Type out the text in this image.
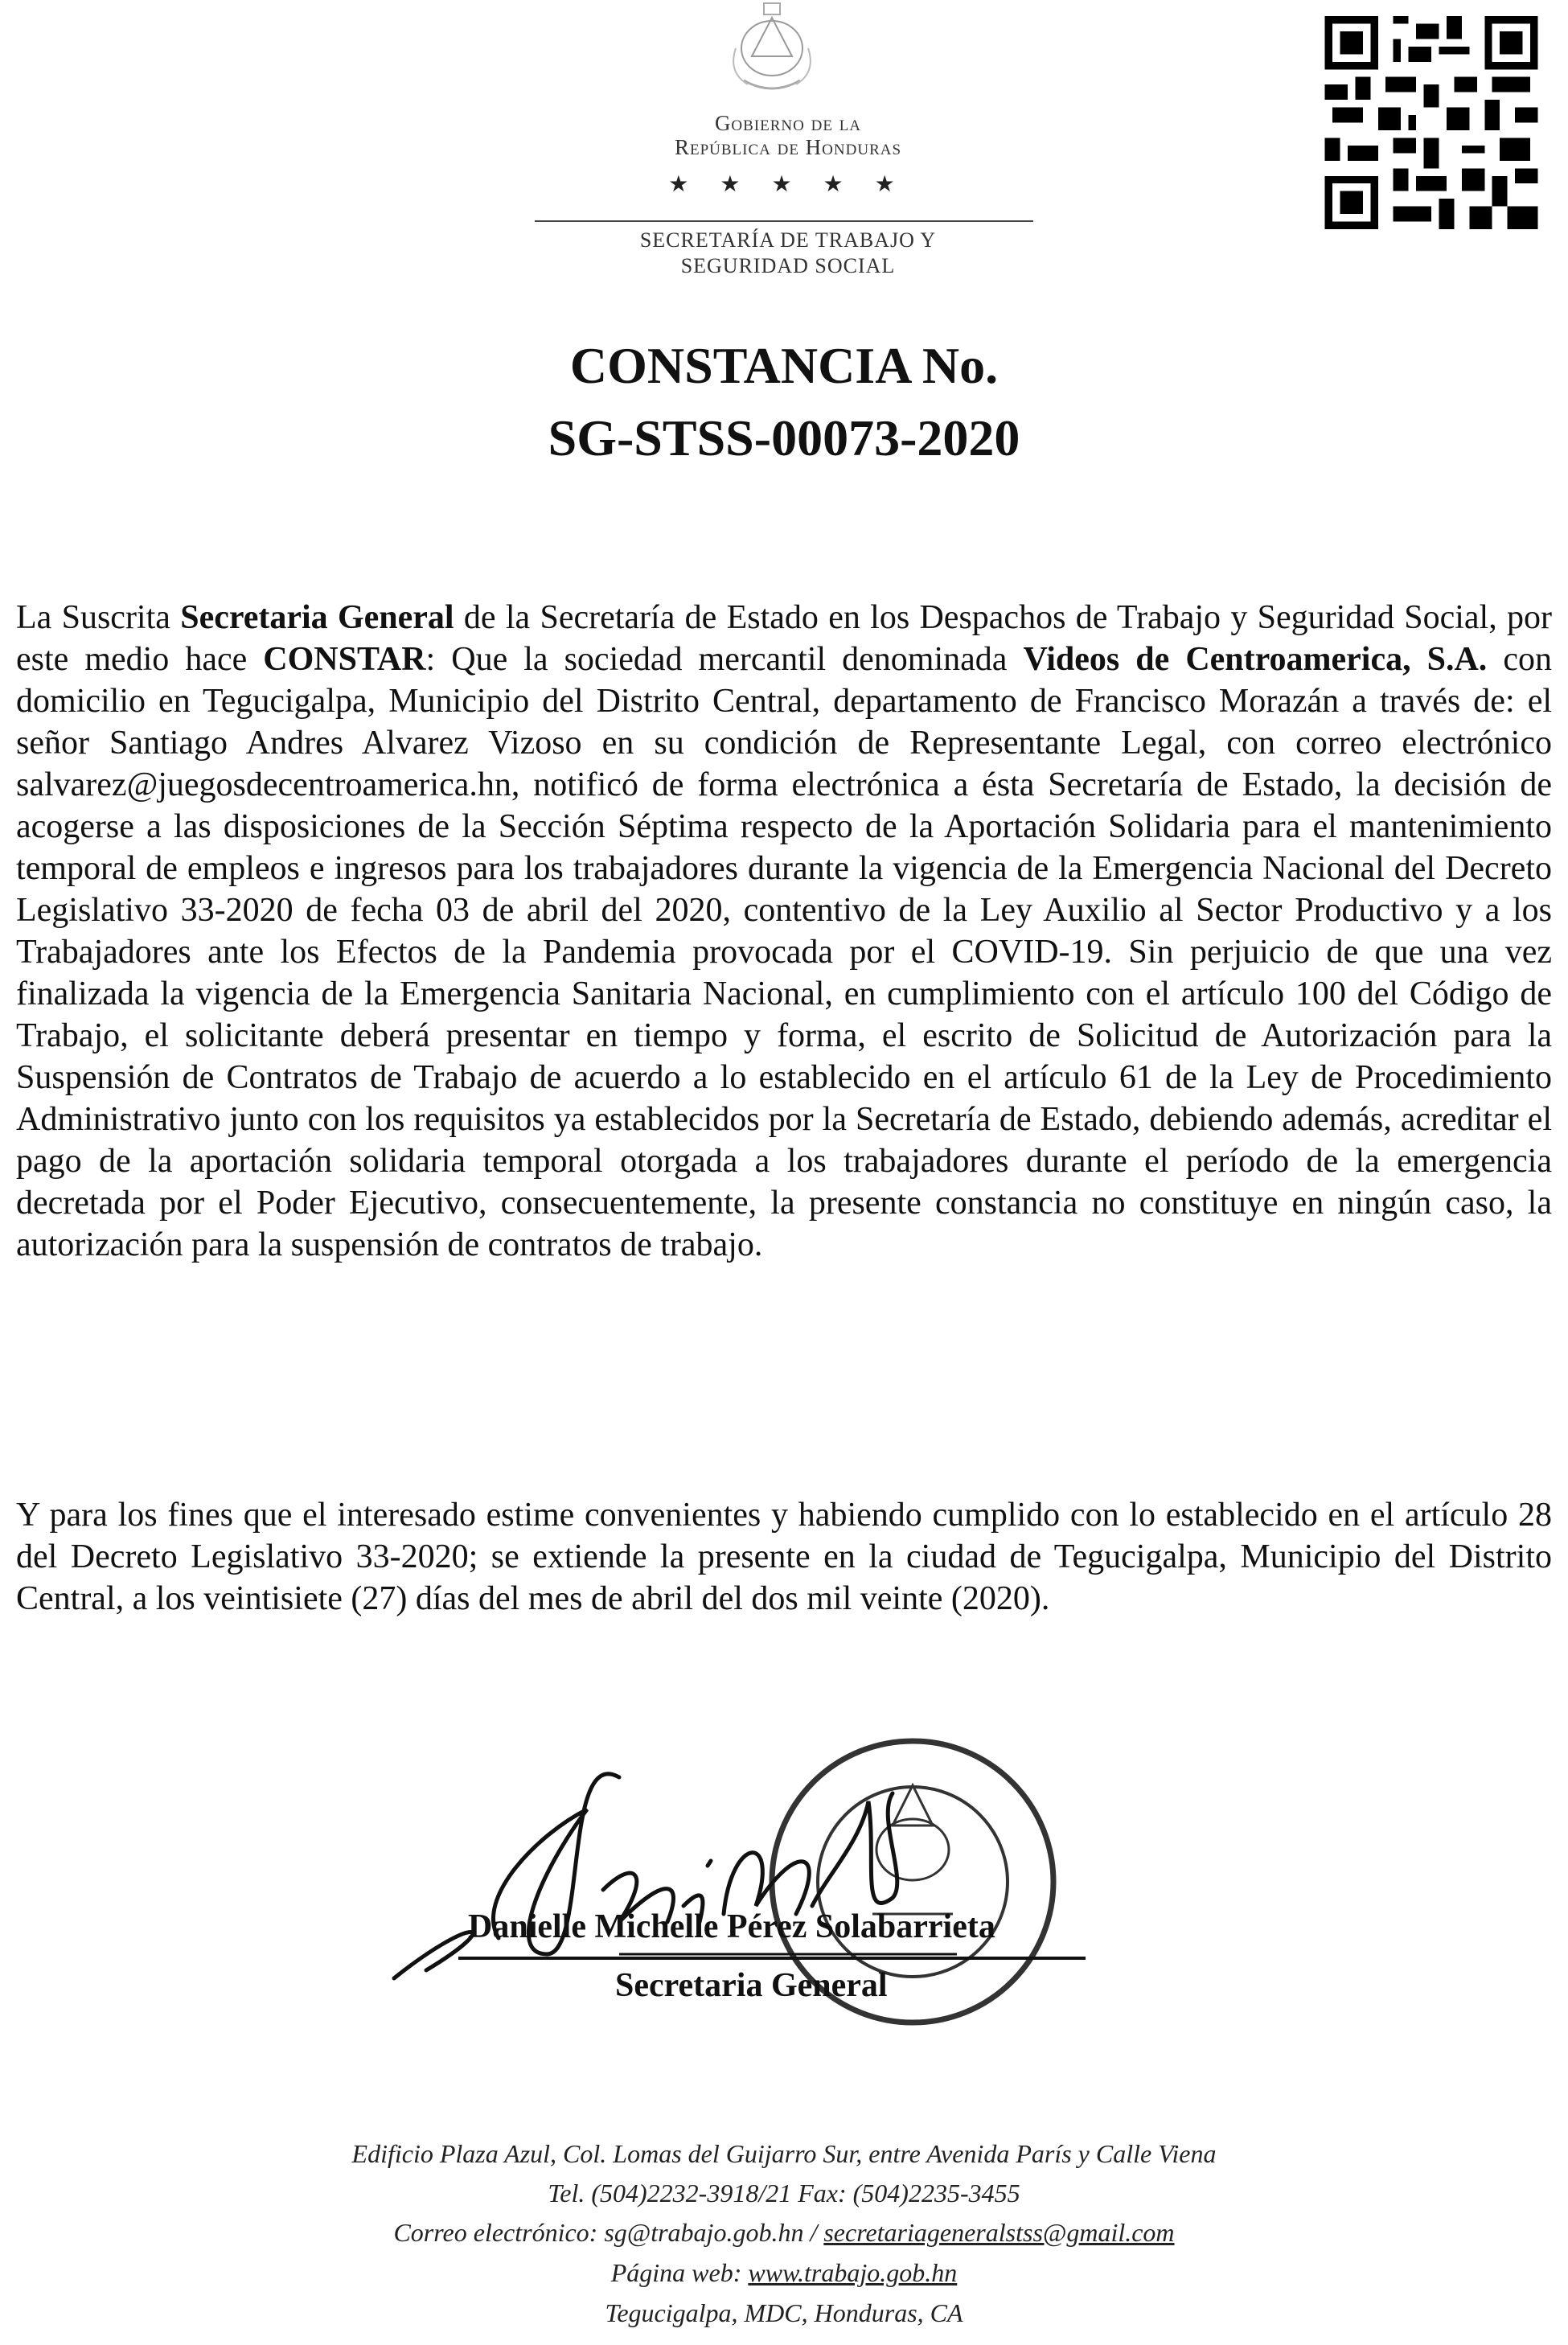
Gobierno de la
República de Honduras
★ ★ ★ ★ ★
SECRETARÍA DE TRABAJO Y
SEGURIDAD SOCIAL
CONSTANCIA No.
SG-STSS-00073-2020
La Suscrita Secretaria General de la Secretaría de Estado en los Despachos de Trabajo y Seguridad Social, por este medio hace CONSTAR: Que la sociedad mercantil denominada Videos de Centroamerica, S.A. con domicilio en Tegucigalpa, Municipio del Distrito Central, departamento de Francisco Morazán a través de: el señor Santiago Andres Alvarez Vizoso en su condición de Representante Legal, con correo electrónico salvarez@juegosdecentroamerica.hn, notificó de forma electrónica a ésta Secretaría de Estado, la decisión de acogerse a las disposiciones de la Sección Séptima respecto de la Aportación Solidaria para el mantenimiento temporal de empleos e ingresos para los trabajadores durante la vigencia de la Emergencia Nacional del Decreto Legislativo 33-2020 de fecha 03 de abril del 2020, contentivo de la Ley Auxilio al Sector Productivo y a los Trabajadores ante los Efectos de la Pandemia provocada por el COVID-19. Sin perjuicio de que una vez finalizada la vigencia de la Emergencia Sanitaria Nacional, en cumplimiento con el artículo 100 del Código de Trabajo, el solicitante deberá presentar en tiempo y forma, el escrito de Solicitud de Autorización para la Suspensión de Contratos de Trabajo de acuerdo a lo establecido en el artículo 61 de la Ley de Procedimiento Administrativo junto con los requisitos ya establecidos por la Secretaría de Estado, debiendo además, acreditar el pago de la aportación solidaria temporal otorgada a los trabajadores durante el período de la emergencia decretada por el Poder Ejecutivo, consecuentemente, la presente constancia no constituye en ningún caso, la autorización para la suspensión de contratos de trabajo.
Y para los fines que el interesado estime convenientes y habiendo cumplido con lo establecido en el artículo 28 del Decreto Legislativo 33-2020; se extiende la presente en la ciudad de Tegucigalpa, Municipio del Distrito Central, a los veintisiete (27) días del mes de abril del dos mil veinte (2020).
Danielle Michelle Pérez Solabarrieta
Secretaria General
Edificio Plaza Azul, Col. Lomas del Guijarro Sur, entre Avenida París y Calle Viena
Tel. (504)2232-3918/21 Fax: (504)2235-3455
Correo electrónico: sg@trabajo.gob.hn / secretariageneralstss@gmail.com
Página web: www.trabajo.gob.hn
Tegucigalpa, MDC, Honduras, CA
